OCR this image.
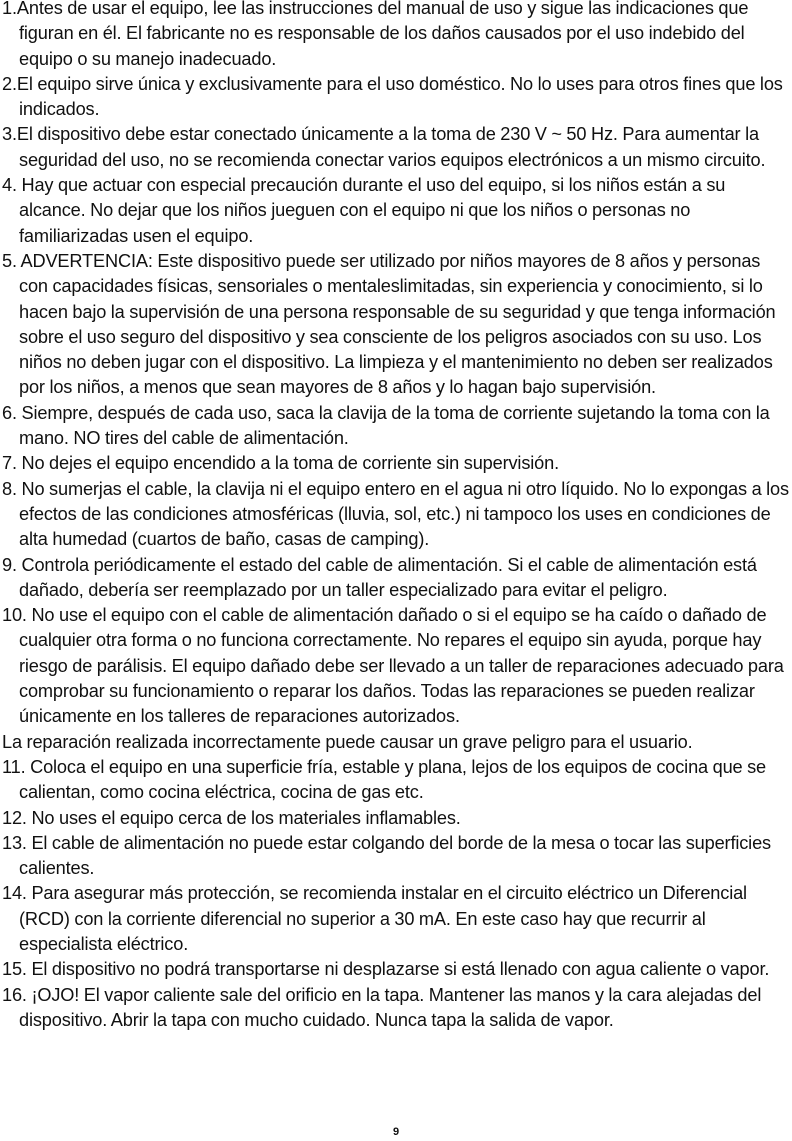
1.Antes de usar el equipo, lee las instrucciones del manual de uso y sigue las indicaciones que figuran en él. El fabricante no es responsable de los daños causados por el uso indebido del equipo o su manejo inadecuado.

2.El equipo sirve única y exclusivamente para el uso doméstico. No lo uses para otros fines que los indicados.

3.El dispositivo debe estar conectado únicamente a la toma de 230 V ~ 50 Hz. Para aumentar la seguridad del uso, no se recomienda conectar varios equipos electrónicos a un mismo circuito.

4. Hay que actuar con especial precaución durante el uso del equipo, si los niños están a su alcance. No dejar que los niños jueguen con el equipo ni que los niños o personas no familiarizadas usen el equipo.

5. ADVERTENCIA: Este dispositivo puede ser utilizado por niños mayores de 8 años y personas con capacidades físicas, sensoriales o mentaleslimitadas, sin experiencia y conocimiento, si lo hacen bajo la supervisión de una persona responsable de su seguridad y que tenga información sobre el uso seguro del dispositivo y sea consciente de los peligros asociados con su uso. Los niños no deben jugar con el dispositivo. La limpieza y el mantenimiento no deben ser realizados por los niños, a menos que sean mayores de 8 años y lo hagan bajo supervisión.

6. Siempre, después de cada uso, saca la clavija de la toma de corriente sujetando la toma con la mano. NO tires del cable de alimentación.

7. No dejes el equipo encendido a la toma de corriente sin supervisión.

8. No sumerjas el cable, la clavija ni el equipo entero en el agua ni otro líquido. No lo expongas a los efectos de las condiciones atmosféricas (lluvia, sol, etc.) ni tampoco los uses en condiciones de alta humedad (cuartos de baño, casas de camping).

9. Controla periódicamente el estado del cable de alimentación. Si el cable de alimentación está dañado, debería ser reemplazado por un taller especializado para evitar el peligro.

10. No use el equipo con el cable de alimentación dañado o si el equipo se ha caído o dañado de cualquier otra forma o no funciona correctamente. No repares el equipo sin ayuda, porque hay riesgo de parálisis. El equipo dañado debe ser llevado a un taller de reparaciones adecuado para comprobar su funcionamiento o reparar los daños. Todas las reparaciones se pueden realizar únicamente en los talleres de reparaciones autorizados.

La reparación realizada incorrectamente puede causar un grave peligro para el usuario.

11. Coloca el equipo en una superficie fría, estable y plana, lejos de los equipos de cocina que se calientan, como cocina eléctrica, cocina de gas etc.

12. No uses el equipo cerca de los materiales inflamables.

13. El cable de alimentación no puede estar colgando del borde de la mesa o tocar las superficies calientes.

14. Para asegurar más protección, se recomienda instalar en el circuito eléctrico un Diferencial (RCD) con la corriente diferencial no superior a 30 mA. En este caso hay que recurrir al especialista eléctrico.

15. El dispositivo no podrá transportarse ni desplazarse si está llenado con agua caliente o vapor.

16. ¡OJO! El vapor caliente sale del orificio en la tapa. Mantener las manos y la cara alejadas del dispositivo. Abrir la tapa con mucho cuidado. Nunca tapa la salida de vapor.

9
